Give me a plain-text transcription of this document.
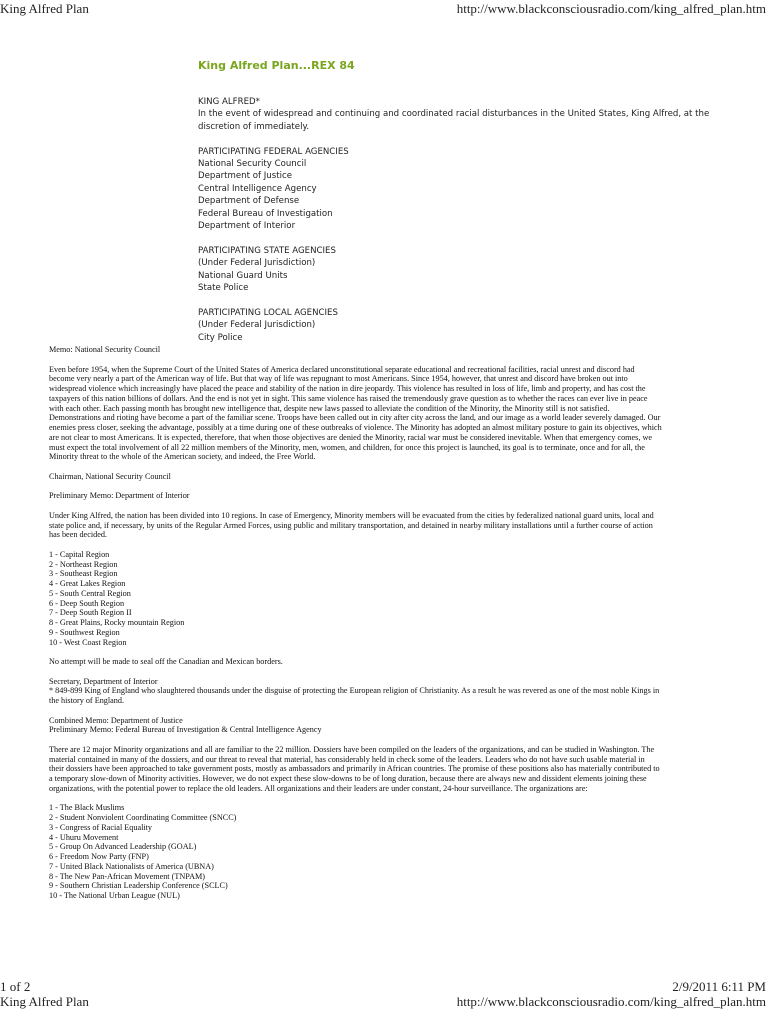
King Alfred Plan	http://www.blackconsciousradio.com/king_alfred_plan.htm
King Alfred Plan...REX 84

KING ALFRED*

In the event of widespread and continuing and coordinated racial disturbances in the United States, King Alfred, at the discretion of immediately.

PARTICIPATING FEDERAL AGENCIES

National Security Council

Department of Justice

Central Intelligence Agency

Department of Defense

Federal Bureau of Investigation

Department of Interior

PARTICIPATING STATE AGENCIES

(Under Federal Jurisdiction)

National Guard Units

State Police

PARTICIPATING LOCAL AGENCIES

(Under Federal Jurisdiction)

City Police

Memo: National Security Council

Even before 1954, when the Supreme Court of the United States of America declared unconstitutional separate educational and recreational facilities, racial unrest and discord had

become very nearly a part of the American way of life. But that way of life was repugnant to most Americans. Since 1954, however, that unrest and discord have broken out into

widespread violence which increasingly have placed the peace and stability of the nation in dire jeopardy. This violence has resulted in loss of life, limb and property, and has cost the

taxpayers of this nation billions of dollars. And the end is not yet in sight. This same violence has raised the tremendously grave question as to whether the races can ever live in peace

with each other. Each passing month has brought new intelligence that, despite new laws passed to alleviate the condition of the Minority, the Minority still is not satisfied.

Demonstrations and rioting have become a part of the familiar scene. Troops have been called out in city after city across the land, and our image as a world leader severely damaged. Our

enemies press closer, seeking the advantage, possibly at a time during one of these outbreaks of violence. The Minority has adopted an almost military posture to gain its objectives, which

are not clear to most Americans. It is expected, therefore, that when those objectives are denied the Minority, racial war must be considered inevitable. When that emergency comes, we

must expect the total involvement of all 22 million members of the Minority, men, women, and children, for once this project is launched, its goal is to terminate, once and for all, the

Minority threat to the whole of the American society, and indeed, the Free World.

Chairman, National Security Council

Preliminary Memo: Department of Interior

Under King Alfred, the nation has been divided into 10 regions. In case of Emergency, Minority members will be evacuated from the cities by federalized national guard units, local and

state police and, if necessary, by units of the Regular Armed Forces, using public and military transportation, and detained in nearby military installations until a further course of action

has been decided.

1 - Capital Region

2 - Northeast Region

3 - Southeast Region

4 - Great Lakes Region

5 - South Central Region

6 - Deep South Region

7 - Deep South Region II

8 - Great Plains, Rocky mountain Region

9 - Southwest Region

10 - West Coast Region

No attempt will be made to seal off the Canadian and Mexican borders.

Secretary, Department of Interior

* 849-899 King of England who slaughtered thousands under the disguise of protecting the European religion of Christianity. As a result he was revered as one of the most noble Kings in

the history of England.

Combined Memo: Department of Justice

Preliminary Memo: Federal Bureau of Investigation & Central Intelligence Agency

There are 12 major Minority organizations and all are familiar to the 22 million. Dossiers have been compiled on the leaders of the organizations, and can be studied in Washington. The

material contained in many of the dossiers, and our threat to reveal that material, has considerably held in check some of the leaders. Leaders who do not have such usable material in

their dossiers have been approached to take government posts, mostly as ambassadors and primarily in African countries. The promise of these positions also has materially contributed to

a temporary slow-down of Minority activities. However, we do not expect these slow-downs to be of long duration, because there are always new and dissident elements joining these

organizations, with the potential power to replace the old leaders. All organizations and their leaders are under constant, 24-hour surveillance. The organizations are:

1 - The Black Muslims

2 - Student Nonviolent Coordinating Committee (SNCC)

3 - Congress of Racial Equality

4 - Uhuru Movement

5 - Group On Advanced Leadership (GOAL)

6 - Freedom Now Party (FNP)

7 - United Black Nationalists of America (UBNA)

8 - The New Pan-African Movement (TNPAM)

9 - Southern Christian Leadership Conference (SCLC)

10 - The National Urban League (NUL)

1 of 2	2/9/2011 6:11 PM
King Alfred Plan	http://www.blackconsciousradio.com/king_alfred_plan.htm
